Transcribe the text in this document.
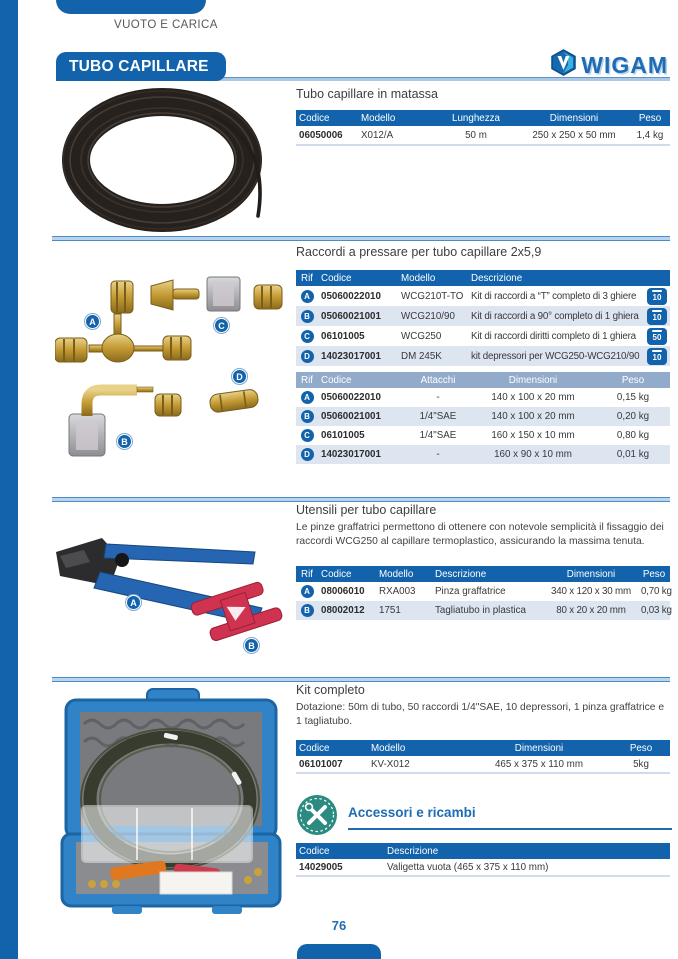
VUOTO E CARICA
TUBO CAPILLARE	WIGAM
Tubo capillare in matassa
Codice	Modello	Lunghezza	Dimensioni	Peso
06050006	X012/A	50 m	250 x 250 x 50 mm	1,4 kg
Raccordi a pressare per tubo capillare 2x5,9
A
B
C
D
Rif Codice	Modello	Descrizione
A	05060022010	WCG210T-TO Kit di raccordi a “T” completo di 3 ghiere	10
B	05060021001	WCG210/90	Kit di raccordi a 90° completo di 1 ghiera	10
C	06101005	WCG250	Kit di raccordi diritti completo di 1 ghiera	50
D	14023017001	DM 245K	kit depressori per WCG250-WCG210/90	10
Rif Codice	Attacchi	Dimensioni	Peso
A	05060022010	-	140 x 100 x 20 mm	0,15 kg
B	05060021001	1/4"SAE	140 x 100 x 20 mm	0,20 kg
C	06101005	1/4"SAE	160 x 150 x 10 mm	0,80 kg
D	14023017001	-	160 x 90 x 10 mm	0,01 kg
Utensili per tubo capillare
Le pinze graffatrici permettono di ottenere con notevole semplicità il fissaggio dei raccordi WCG250 al capillare termoplastico, assicurando la massima tenuta.
A
B
Rif Codice	Modello	Descrizione	Dimensioni	Peso
A	08006010	RXA003	Pinza graffatrice	340 x 120 x 30 mm	0,70 kg
B	08002012	1751	Tagliatubo in plastica	80 x 20 x 20 mm	0,03 kg
Kit completo
Dotazione: 50m di tubo, 50 raccordi 1/4"SAE, 10 depressori, 1 pinza graffatrice e 1 tagliatubo.
Codice	Modello	Dimensioni	Peso
06101007	KV-X012	465 x 375 x 110 mm	5kg
Accessori e ricambi
Codice	Descrizione
14029005	Valigetta vuota (465 x 375 x 110 mm)
76
